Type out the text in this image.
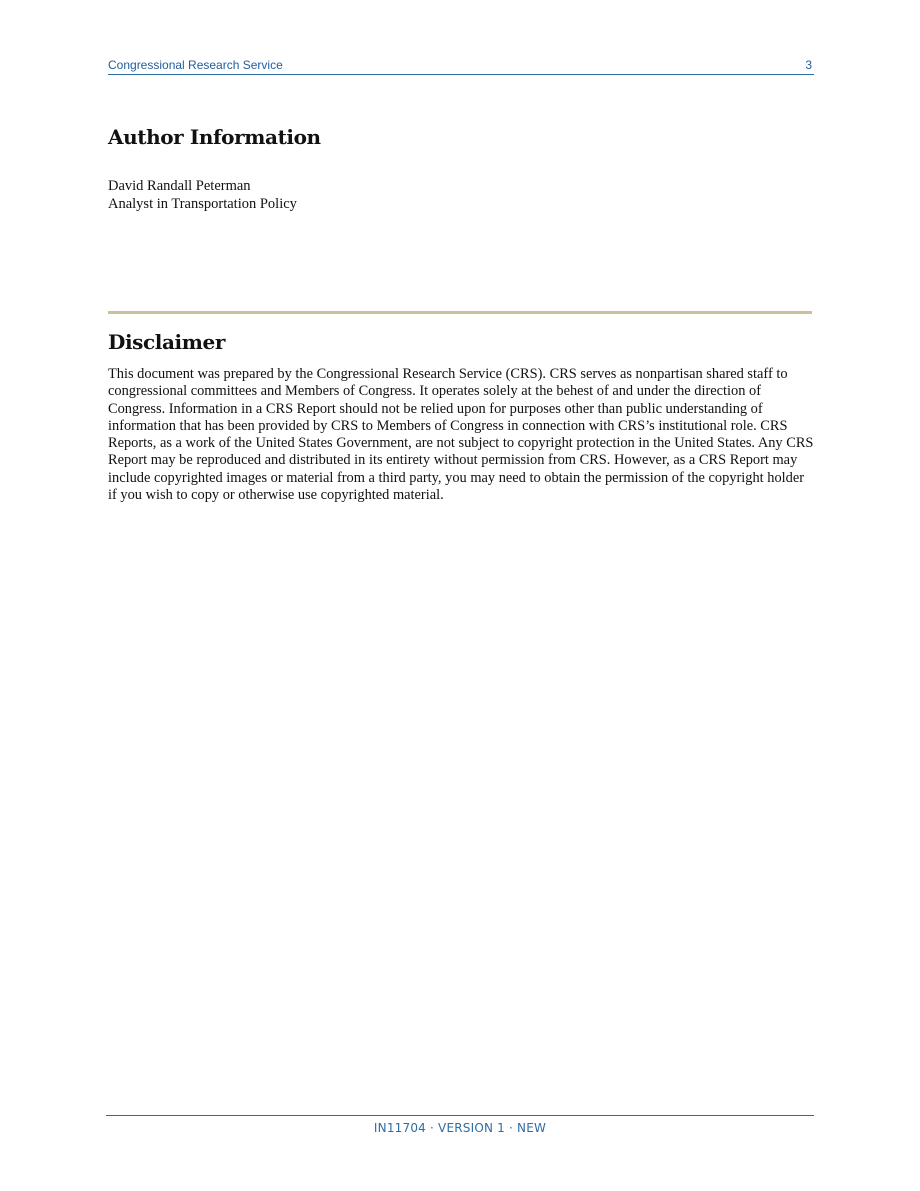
Congressional Research Service	3
Author Information
David Randall Peterman
Analyst in Transportation Policy
Disclaimer

This document was prepared by the Congressional Research Service (CRS). CRS serves as nonpartisan shared staff to congressional committees and Members of Congress. It operates solely at the behest of and under the direction of Congress. Information in a CRS Report should not be relied upon for purposes other than public understanding of information that has been provided by CRS to Members of Congress in connection with CRS’s institutional role. CRS Reports, as a work of the United States Government, are not subject to copyright protection in the United States. Any CRS Report may be reproduced and distributed in its entirety without permission from CRS. However, as a CRS Report may include copyrighted images or material from a third party, you may need to obtain the permission of the copyright holder if you wish to copy or otherwise use copyrighted material.

IN11704 · VERSION 1 · NEW
